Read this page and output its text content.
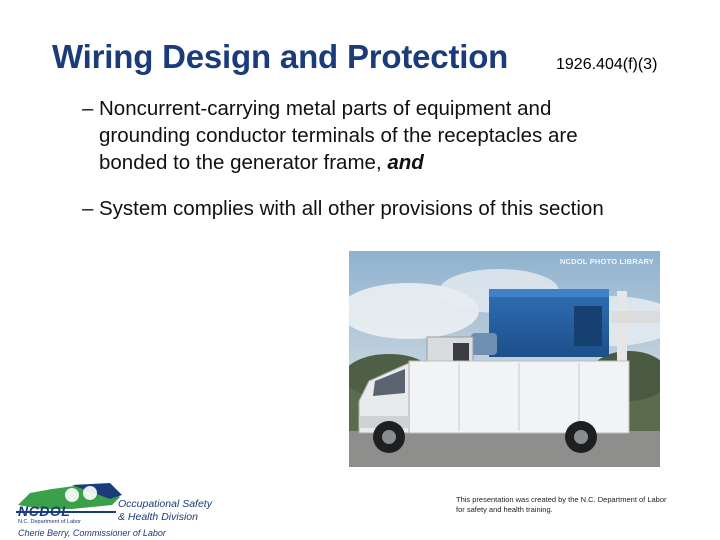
Wiring Design and Protection	1926.404(f)(3)
– Noncurrent-carrying metal parts of equipment and grounding conductor terminals of the receptacles are bonded to the generator frame, and
– System complies with all other provisions of this section
NCDOL PHOTO LIBRARY
NCDOL
N.C. Department of Labor
Occupational Safety
& Health Division
Cherie Berry, Commissioner of Labor
This presentation was created by the N.C. Department of Labor for safety and health training.
